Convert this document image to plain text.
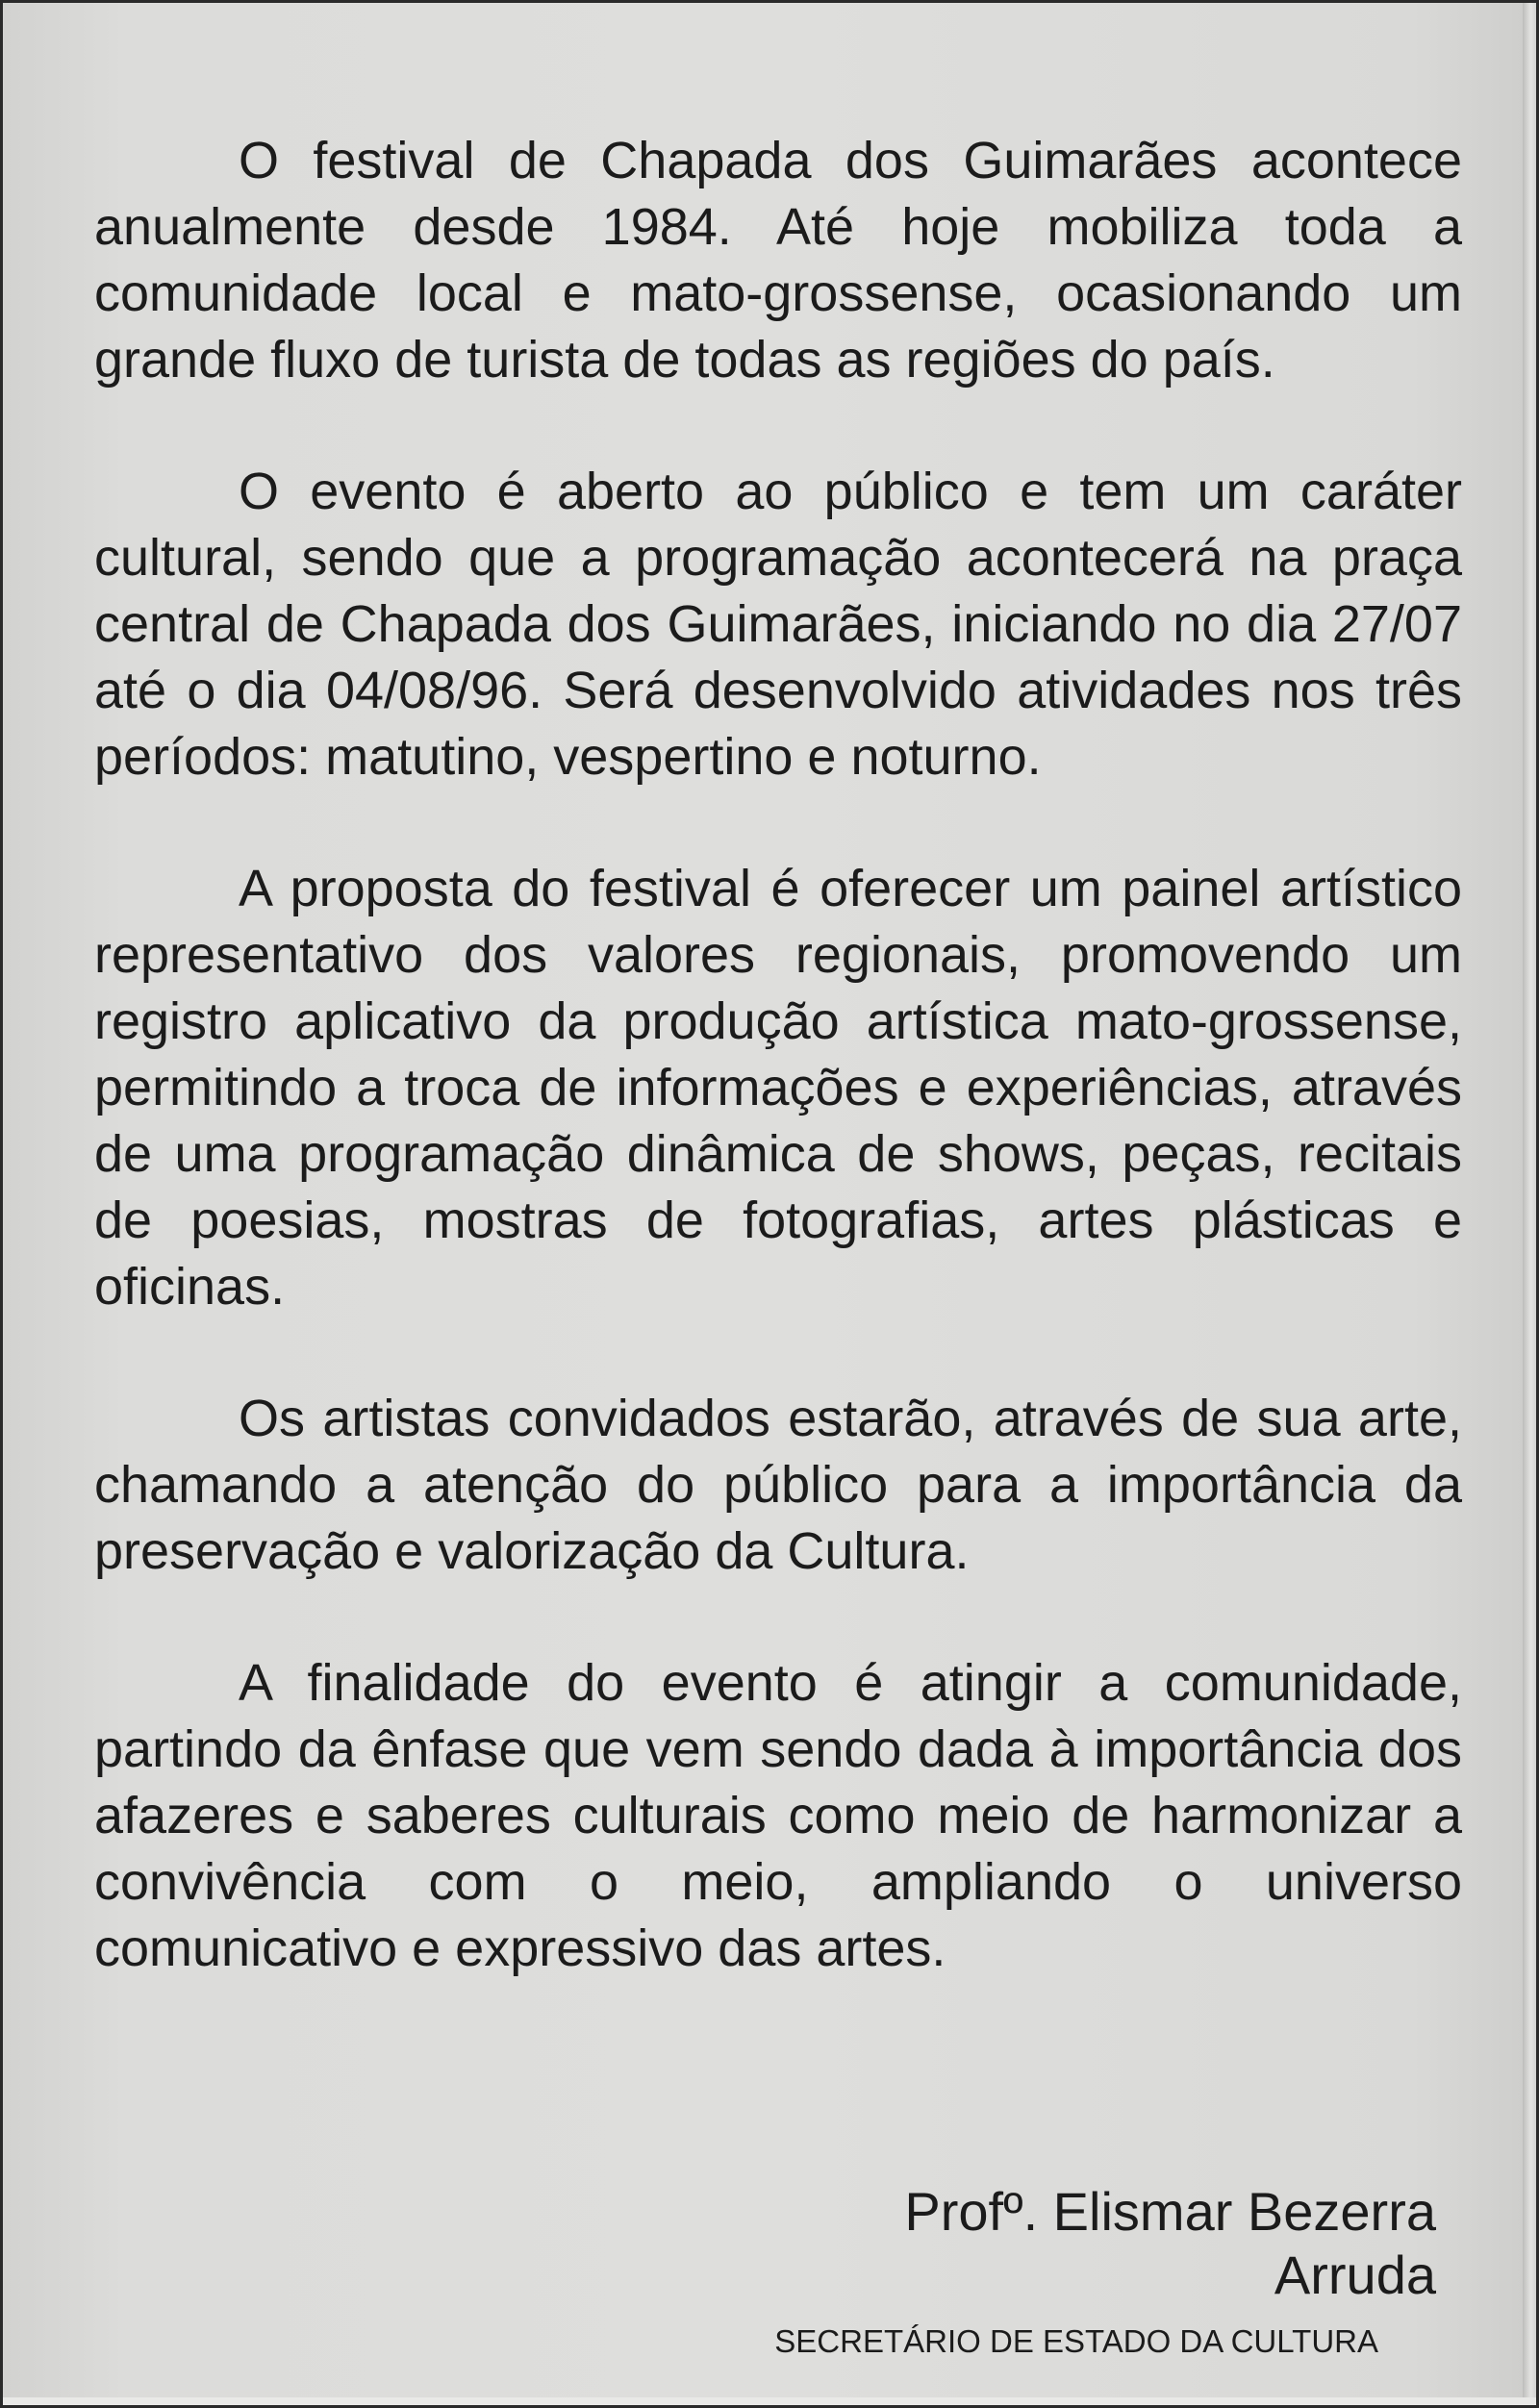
O festival de Chapada dos Guimarães acontece anualmente desde 1984. Até hoje mobiliza toda a comunidade local e mato-grossense, ocasionando um grande fluxo de turista de todas as regiões do país.

O evento é aberto ao público e tem um caráter cultural, sendo que a programação acontecerá na praça central de Chapada dos Guimarães, iniciando no dia 27/07 até o dia 04/08/96. Será desenvolvido atividades nos três períodos: matutino, vespertino e noturno.

A proposta do festival é oferecer um painel artístico representativo dos valores regionais, promovendo um registro aplicativo da produção artística mato-grossense, permitindo a troca de informações e experiências, através de uma programação dinâmica de shows, peças, recitais de poesias, mostras de fotografias, artes plásticas e oficinas.

Os artistas convidados estarão, através de sua arte, chamando a atenção do público para a importância da preservação e valorização da Cultura.

A finalidade do evento é atingir a comunidade, partindo da ênfase que vem sendo dada à importância dos afazeres e saberes culturais como meio de harmonizar a convivência com o meio, ampliando o universo comunicativo e expressivo das artes.

Profº. Elismar Bezerra Arruda
SECRETÁRIO DE ESTADO DA CULTURA
